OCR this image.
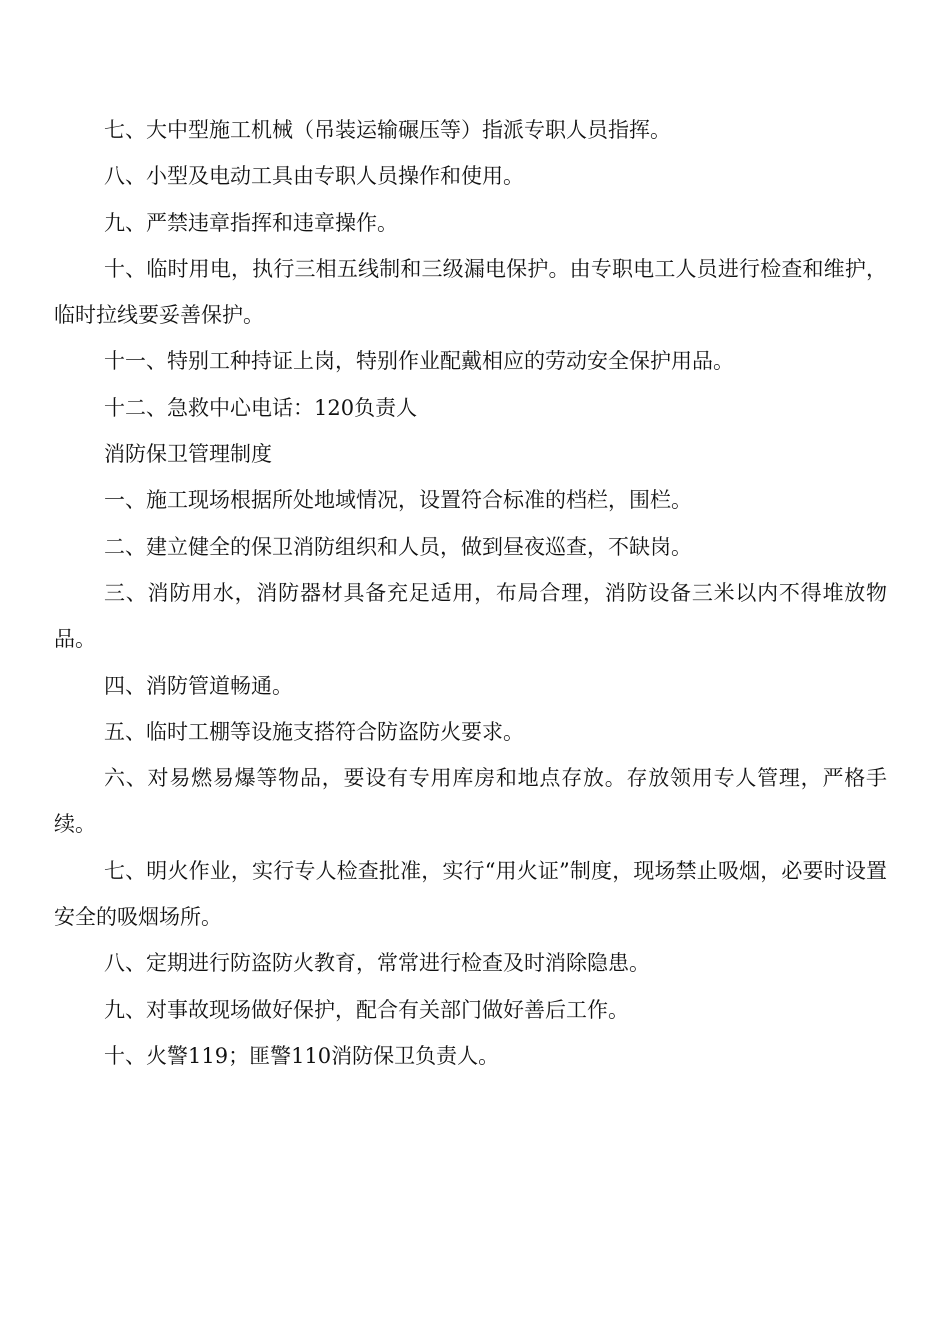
七、大中型施工机械（吊装运输碾压等）指派专职人员指挥。

八、小型及电动工具由专职人员操作和使用。

九、严禁违章指挥和违章操作。

十、临时用电，执行三相五线制和三级漏电保护。由专职电工人员进行检查和维护，临时拉线要妥善保护。

十一、特别工种持证上岗，特别作业配戴相应的劳动安全保护用品。

十二、急救中心电话：120负责人

消防保卫管理制度

一、施工现场根据所处地域情况，设置符合标准的档栏，围栏。

二、建立健全的保卫消防组织和人员，做到昼夜巡查，不缺岗。

三、消防用水，消防器材具备充足适用，布局合理，消防设备三米以内不得堆放物品。

四、消防管道畅通。

五、临时工棚等设施支搭符合防盗防火要求。

六、对易燃易爆等物品，要设有专用库房和地点存放。存放领用专人管理，严格手续。

七、明火作业，实行专人检查批准，实行“用火证”制度，现场禁止吸烟，必要时设置安全的吸烟场所。

八、定期进行防盗防火教育，常常进行检查及时消除隐患。

九、对事故现场做好保护，配合有关部门做好善后工作。

十、火警119；匪警110消防保卫负责人。
